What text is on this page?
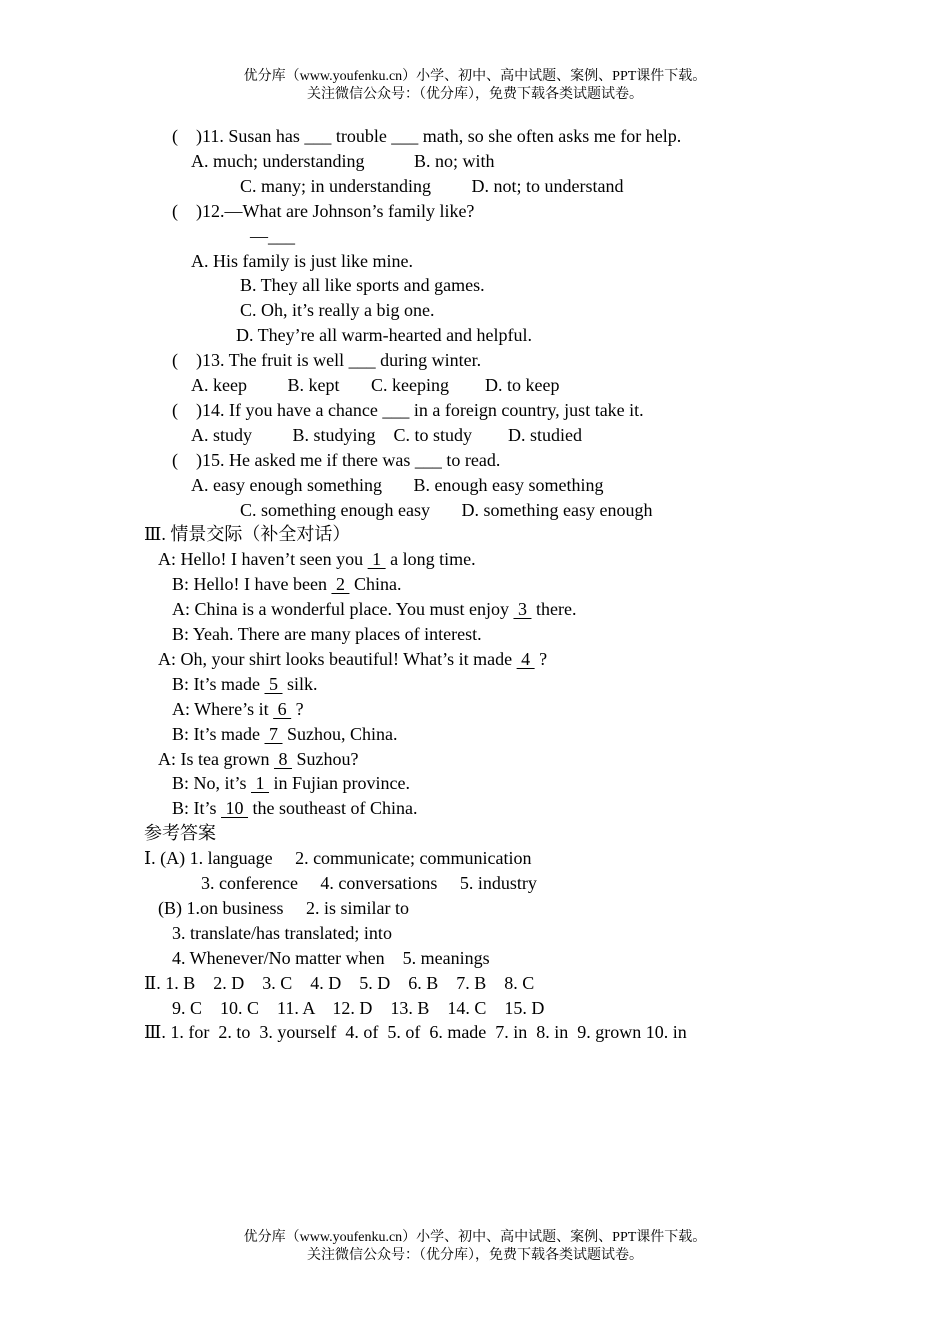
优分库（www.youfenku.cn）小学、初中、高中试题、案例、PPT课件下载。
关注微信公众号：（优分库），免费下载各类试题试卷。
(    )11. Susan has ___ trouble ___ math, so she often asks me for help.
A. much; understanding           B. no; with
C. many; in understanding         D. not; to understand
(    )12.—What are Johnson’s family like?
—___
A. His family is just like mine.
B. They all like sports and games.
C. Oh, it’s really a big one.
D. They’re all warm-hearted and helpful.
(    )13. The fruit is well ___ during winter.
A. keep         B. kept       C. keeping        D. to keep
(    )14. If you have a chance ___ in a foreign country, just take it.
A. study         B. studying    C. to study        D. studied
(    )15. He asked me if there was ___ to read.
A. easy enough something       B. enough easy something
C. something enough easy       D. something easy enough
Ⅲ. 情景交际（补全对话）
A: Hello! I haven’t seen you  1  a long time.
B: Hello! I have been  2  China.
A: China is a wonderful place. You must enjoy  3  there.
B: Yeah. There are many places of interest.
A: Oh, your shirt looks beautiful! What’s it made  4  ?
B: It’s made  5  silk.
A: Where’s it  6  ?
B: It’s made  7  Suzhou, China.
A: Is tea grown  8  Suzhou?
B: No, it’s  1  in Fujian province.
B: It’s  10  the southeast of China.
参考答案
Ⅰ. (A) 1. language     2. communicate; communication
3. conference     4. conversations     5. industry
(B) 1.on business     2. is similar to
3. translate/has translated; into
4. Whenever/No matter when    5. meanings
Ⅱ. 1. B    2. D    3. C    4. D    5. D    6. B    7. B    8. C
9. C    10. C    11. A    12. D    13. B    14. C    15. D
Ⅲ. 1. for  2. to  3. yourself  4. of  5. of  6. made  7. in  8. in  9. grown 10. in
优分库（www.youfenku.cn）小学、初中、高中试题、案例、PPT课件下载。
关注微信公众号：（优分库），免费下载各类试题试卷。
